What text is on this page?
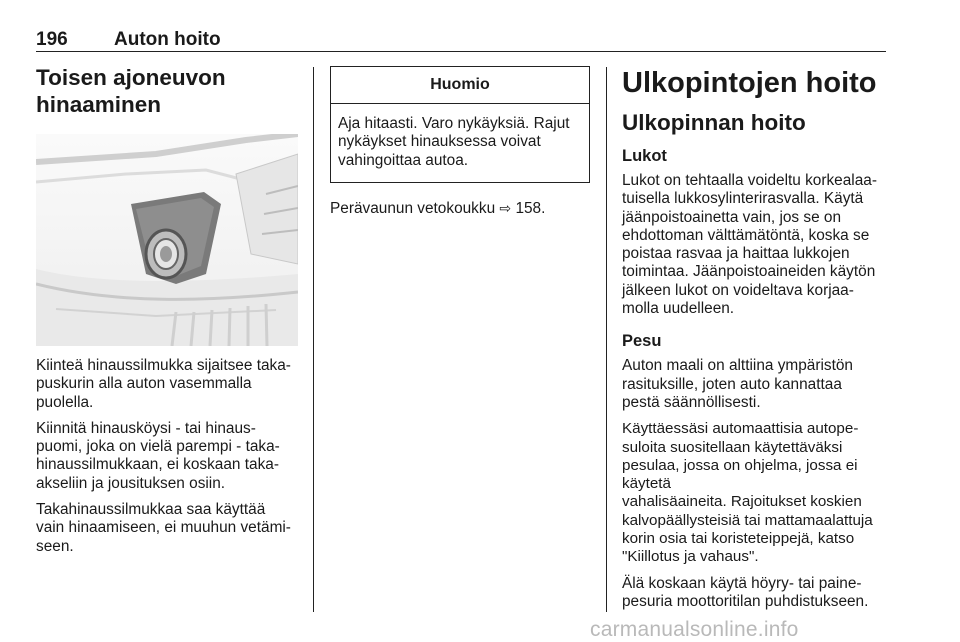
196 Auton hoito
Toisen ajoneuvon
hinaaminen

Kiinteä hinaussilmukka sijaitsee taka-
puskurin alla auton vasemmalla
puolella.

Kiinnitä hinausköysi - tai hinaus-
puomi, joka on vielä parempi - taka-
hinaussilmukkaan, ei koskaan taka-
akseliin ja jousituksen osiin.

Takahinaussilmukkaa saa käyttää
vain hinaamiseen, ei muuhun vetämi-
seen.

Huomio

Aja hitaasti. Varo nykäyksiä. Rajut
nykäykset hinauksessa voivat
vahingoittaa autoa.

Perävaunun vetokoukku ⇨ 158.

Ulkopintojen hoito
Ulkopinnan hoito
Lukot

Lukot on tehtaalla voideltu korkealaa-
tuisella lukkosylinterirasvalla. Käytä
jäänpoistoainetta vain, jos se on
ehdottoman välttämätöntä, koska se
poistaa rasvaa ja haittaa lukkojen
toimintaa. Jäänpoistoaineiden käytön
jälkeen lukot on voideltava korjaa-
molla uudelleen.

Pesu

Auton maali on alttiina ympäristön
rasituksille, joten auto kannattaa
pestä säännöllisesti.

Käyttäessäsi automaattisia autope-
suloita suositellaan käytettäväksi
pesulaa, jossa on ohjelma, jossa ei käytetä
vahalisäaineita. Rajoitukset koskien
kalvopäällysteisiä tai mattamaalattuja
korin osia tai koristeteippejä, katso
"Kiillotus ja vahaus".

Älä koskaan käytä höyry- tai paine-
pesuria moottoritilan puhdistukseen.

carmanualsonline.info
